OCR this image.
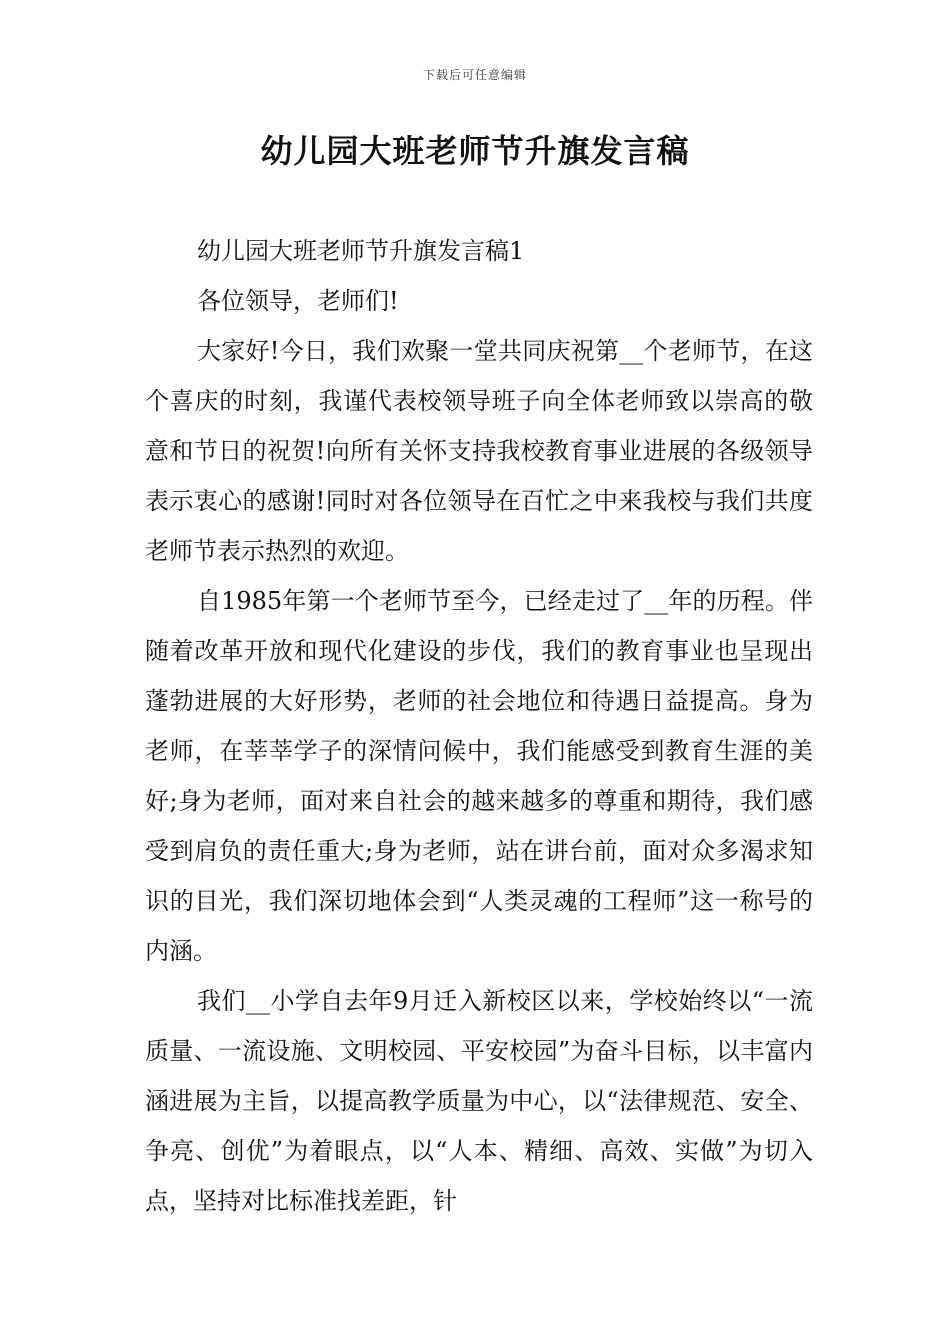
下载后可任意编辑
幼儿园大班老师节升旗发言稿

幼儿园大班老师节升旗发言稿1

各位领导，老师们!

大家好!今日，我们欢聚一堂共同庆祝第__个老师节，在这个喜庆的时刻，我谨代表校领导班子向全体老师致以崇高的敬意和节日的祝贺!向所有关怀支持我校教育事业进展的各级领导表示衷心的感谢!同时对各位领导在百忙之中来我校与我们共度老师节表示热烈的欢迎。

自1985年第一个老师节至今，已经走过了__年的历程。伴随着改革开放和现代化建设的步伐，我们的教育事业也呈现出蓬勃进展的大好形势，老师的社会地位和待遇日益提高。身为老师，在莘莘学子的深情问候中，我们能感受到教育生涯的美好;身为老师，面对来自社会的越来越多的尊重和期待，我们感受到肩负的责任重大;身为老师，站在讲台前，面对众多渴求知识的目光，我们深切地体会到“人类灵魂的工程师”这一称号的内涵。

我们__小学自去年9月迁入新校区以来，学校始终以“一流质量、一流设施、文明校园、平安校园”为奋斗目标，以丰富内涵进展为主旨，以提高教学质量为中心，以“法律规范、安全、争亮、创优”为着眼点，以“人本、精细、高效、实做”为切入点，坚持对比标准找差距，针
